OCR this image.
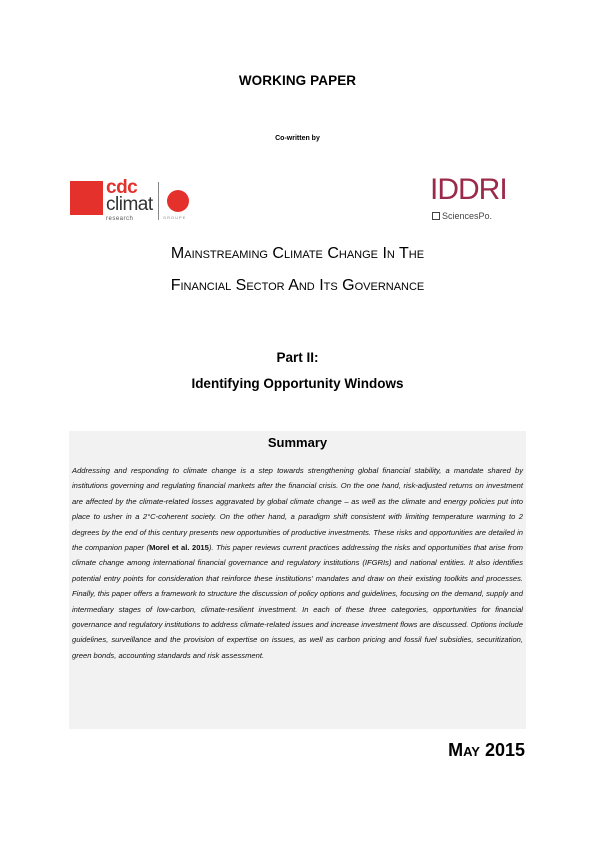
WORKING PAPER
Co-written by
cdc
climat
research	GROUPE
IDDRI
SciencesPo.
Mainstreaming Climate Change In The
Financial Sector And Its Governance
Part II:
Identifying Opportunity Windows
Summary
Addressing and responding to climate change is a step towards strengthening global financial stability, a mandate shared by institutions governing and regulating financial markets after the financial crisis. On the one hand, risk-adjusted returns on investment are affected by the climate-related losses aggravated by global climate change – as well as the climate and energy policies put into place to usher in a 2°C-coherent society. On the other hand, a paradigm shift consistent with limiting temperature warming to 2 degrees by the end of this century presents new opportunities of productive investments. These risks and opportunities are detailed in the companion paper (Morel et al. 2015). This paper reviews current practices addressing the risks and opportunities that arise from climate change among international financial governance and regulatory institutions (IFGRIs) and national entities. It also identifies potential entry points for consideration that reinforce these institutions' mandates and draw on their existing toolkits and processes. Finally, this paper offers a framework to structure the discussion of policy options and guidelines, focusing on the demand, supply and intermediary stages of low-carbon, climate-resilient investment. In each of these three categories, opportunities for financial governance and regulatory institutions to address climate-related issues and increase investment flows are discussed. Options include guidelines, surveillance and the provision of expertise on issues, as well as carbon pricing and fossil fuel subsidies, securitization, green bonds, accounting standards and risk assessment.
May 2015
